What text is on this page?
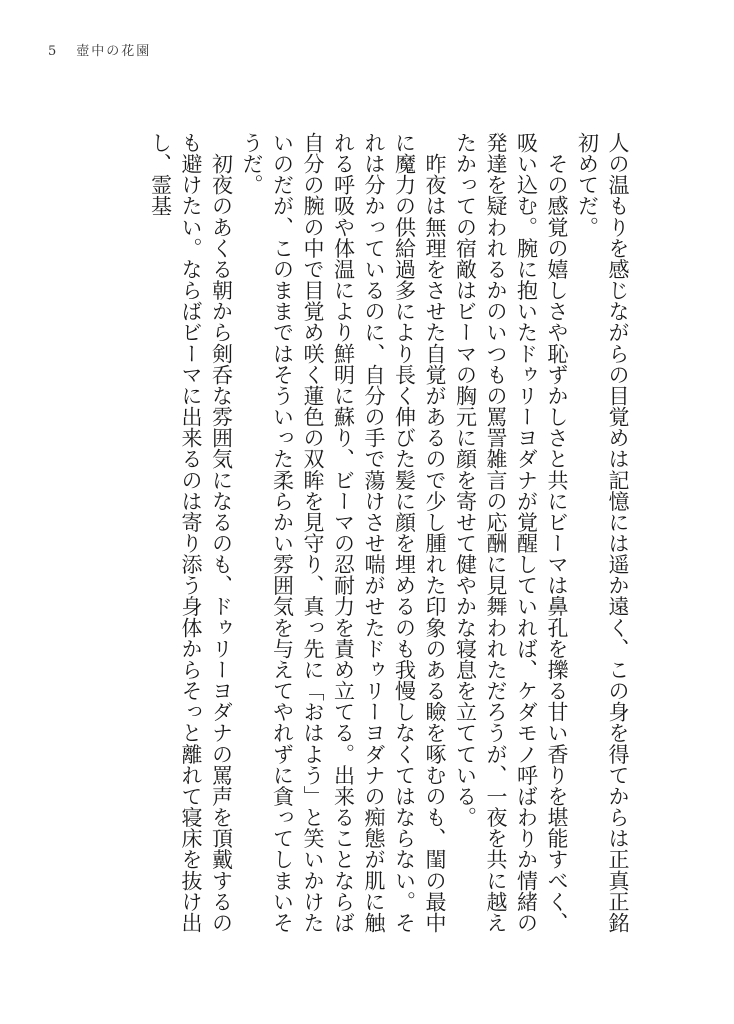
5 壺中の花園

人の温もりを感じながらの目覚めは記憶には遥か遠く、この身を得てからは正真正銘初めてだ。

　その感覚の嬉しさや恥ずかしさと共にビーマは鼻孔を擽る甘い香りを堪能すべく、吸い込む。腕に抱いたドゥリーヨダナが覚醒していれば、ケダモノ呼ばわりか情緒の発達を疑われるかのいつもの罵詈雑言の応酬に見舞われただろうが、一夜を共に越えたかっての宿敵はビーマの胸元に顔を寄せて健やかな寝息を立てている。

　昨夜は無理をさせた自覚があるので少し腫れた印象のある瞼を啄むのも、閨の最中に魔力の供給過多により長く伸びた髪に顔を埋めるのも我慢しなくてはならない。それは分かっているのに、自分の手で蕩けさせ喘がせたドゥリーヨダナの痴態が肌に触れる呼吸や体温により鮮明に蘇り、ビーマの忍耐力を責め立てる。出来ることならば自分の腕の中で目覚め咲く蓮色の双眸を見守り、真っ先に「おはよう」と笑いかけたいのだが、このままではそういった柔らかい雰囲気を与えてやれずに貪ってしまいそうだ。

　初夜のあくる朝から剣呑な雰囲気になるのも、ドゥリーヨダナの罵声を頂戴するのも避けたい。ならばビーマに出来るのは寄り添う身体からそっと離れて寝床を抜け出し、霊基
